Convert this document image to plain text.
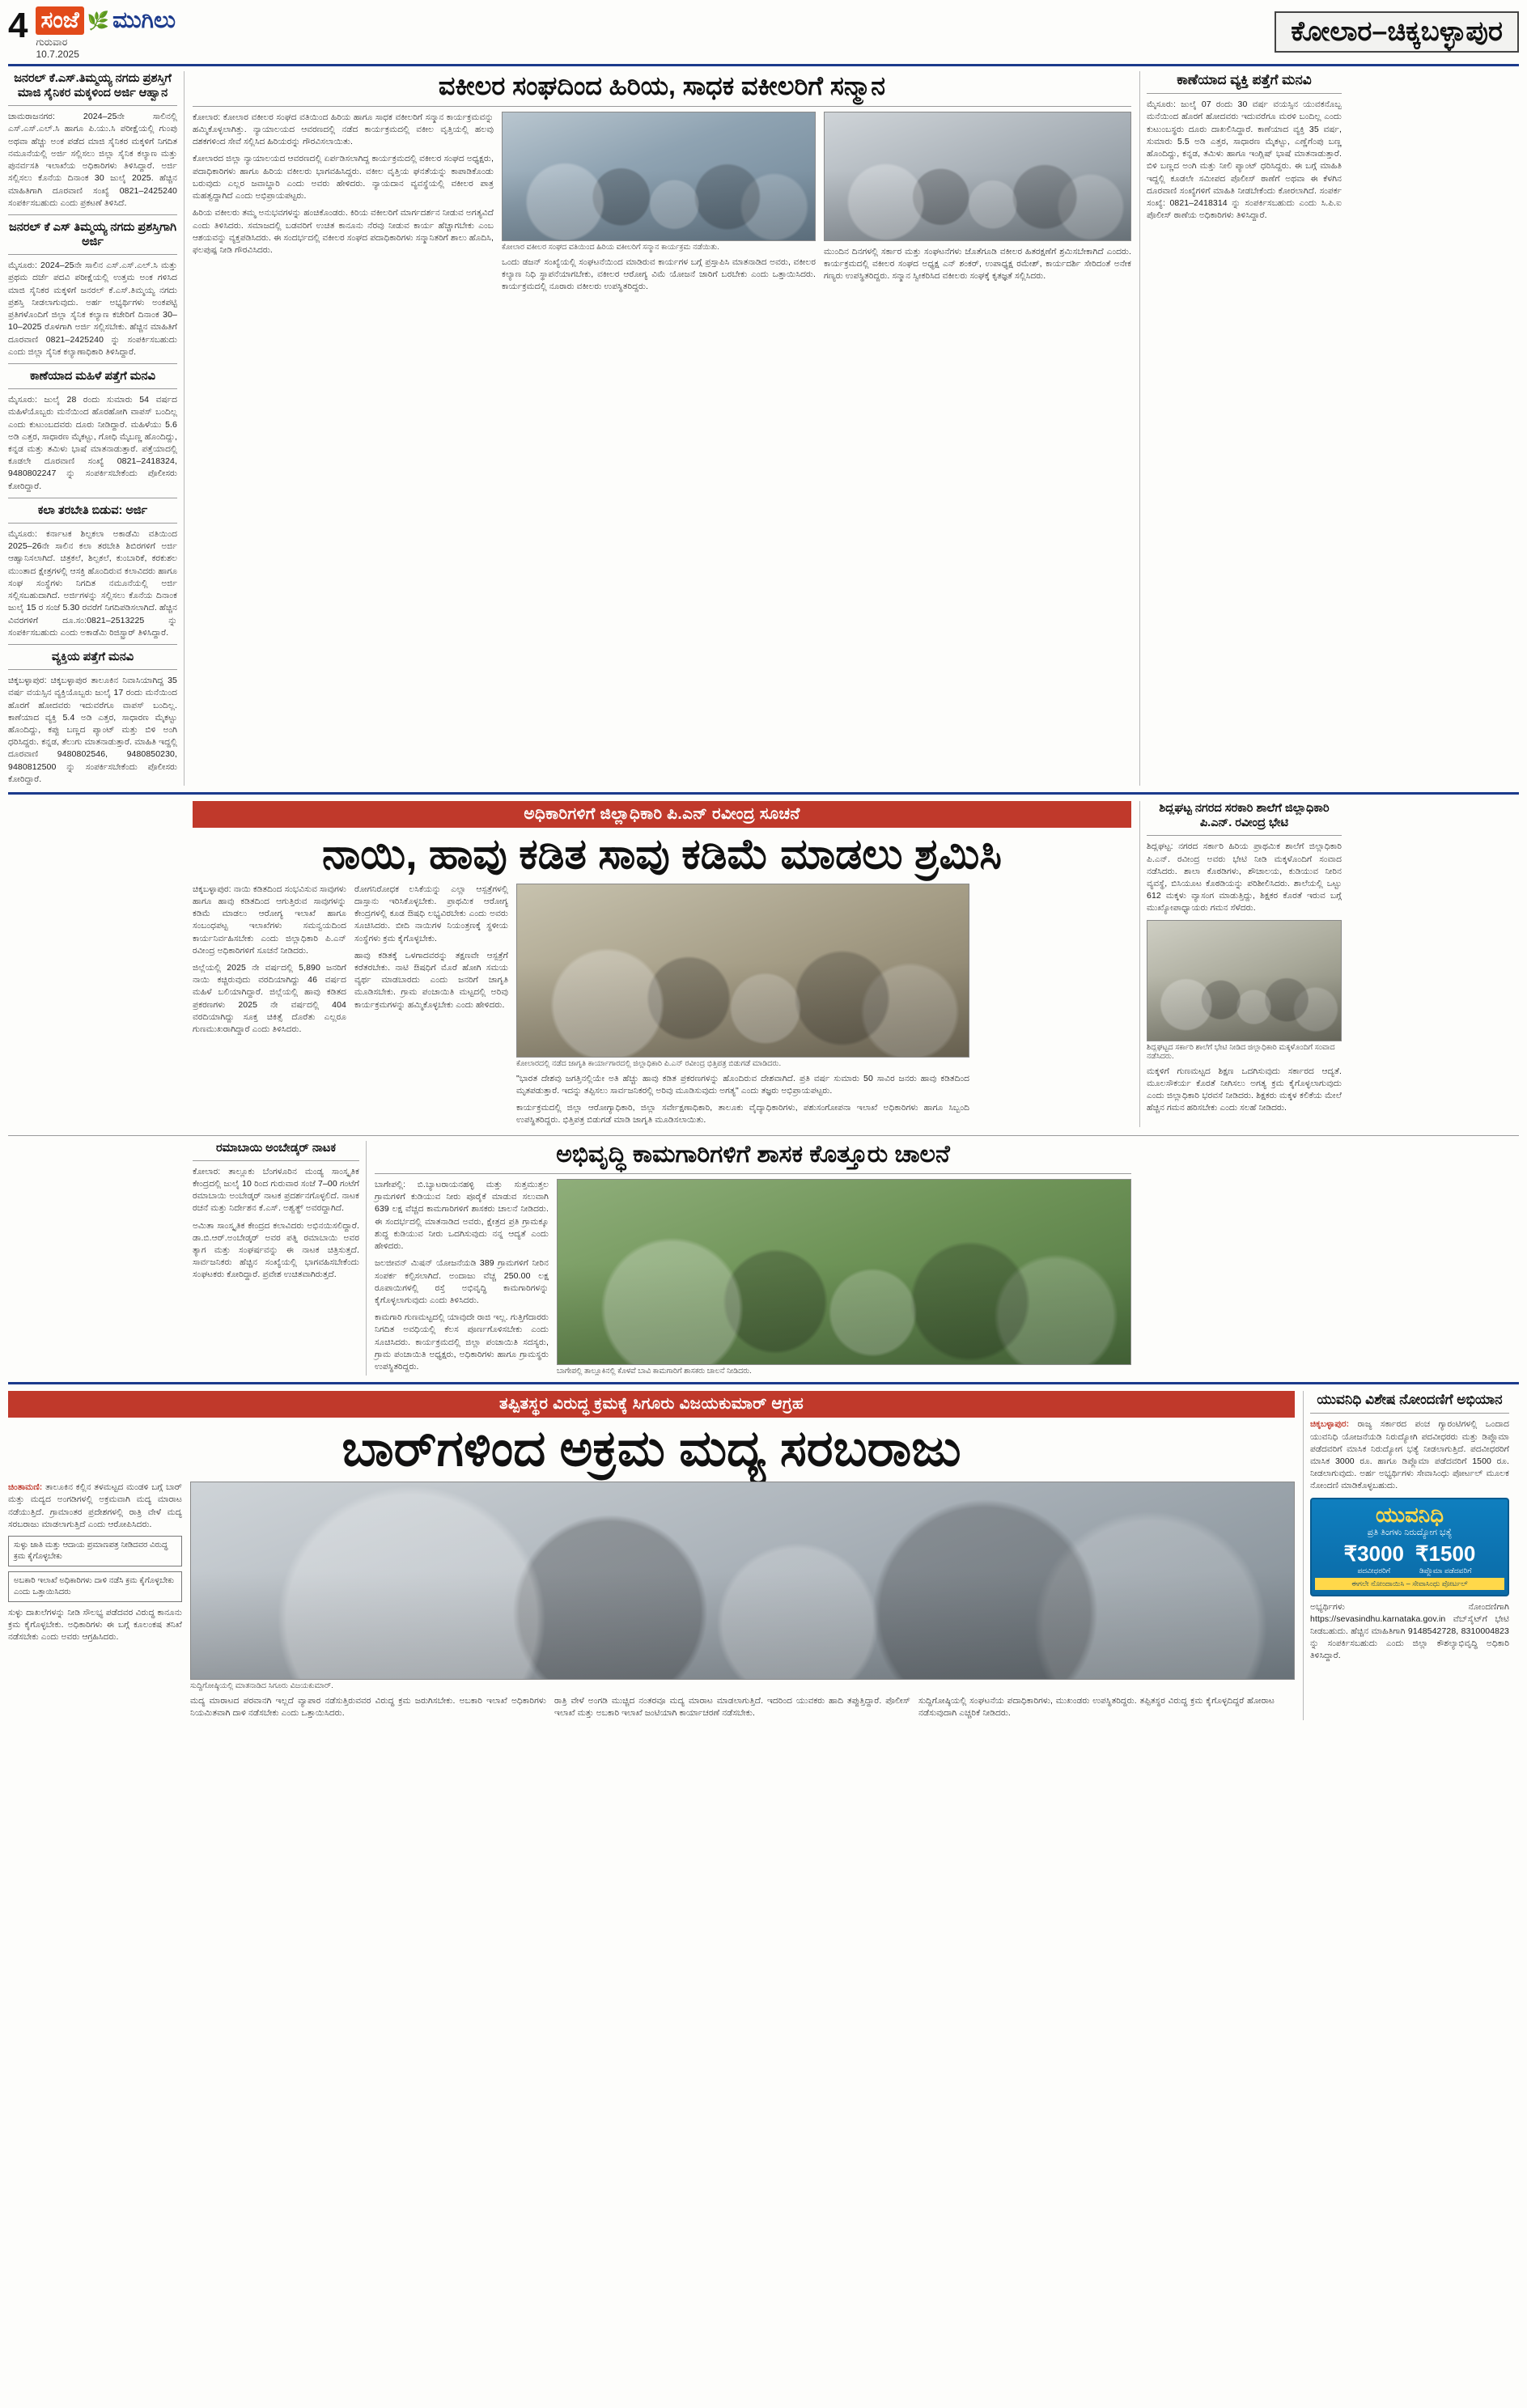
4 ಸಂಜೆ 🌿 ಮುಗಿಲು
ಗುರುವಾರ
10.7.2025
ಕೋಲಾರ–ಚಿಕ್ಕಬಳ್ಳಾಪುರ
ಜನರಲ್ ಕೆ.ಎಸ್.ತಿಮ್ಮಯ್ಯ ನಗದು ಪ್ರಶಸ್ತಿಗೆ ಮಾಜಿ ಸೈನಿಕರ ಮಕ್ಕಳಿಂದ ಅರ್ಜಿ ಆಹ್ವಾನ
ಚಾಮರಾಜನಗರ: 2024–25ನೇ ಸಾಲಿನಲ್ಲಿ ಎಸ್.ಎಸ್.ಎಲ್.ಸಿ ಹಾಗೂ ಪಿ.ಯು.ಸಿ ಪರೀಕ್ಷೆಯಲ್ಲಿ ಗುಂಪು ಅಥವಾ ಹೆಚ್ಚು ಅಂಕ ಪಡೆದ ಮಾಜಿ ಸೈನಿಕರ ಮಕ್ಕಳಿಗೆ ನಿಗದಿತ ನಮೂನೆಯಲ್ಲಿ ಅರ್ಜಿ ಸಲ್ಲಿಸಲು ಜಿಲ್ಲಾ ಸೈನಿಕ ಕಲ್ಯಾಣ ಮತ್ತು ಪುನರ್ವಸತಿ ಇಲಾಖೆಯ ಅಧಿಕಾರಿಗಳು ತಿಳಿಸಿದ್ದಾರೆ. ಅರ್ಜಿ ಸಲ್ಲಿಸಲು ಕೊನೆಯ ದಿನಾಂಕ 30 ಜುಲೈ 2025. ಹೆಚ್ಚಿನ ಮಾಹಿತಿಗಾಗಿ ದೂರವಾಣಿ ಸಂಖ್ಯೆ 0821–2425240 ಸಂಪರ್ಕಿಸಬಹುದು ಎಂದು ಪ್ರಕಟಣೆ ತಿಳಿಸಿದೆ.
ಜನರಲ್ ಕೆ ಎಸ್ ತಿಮ್ಮಯ್ಯ ನಗದು ಪ್ರಶಸ್ತಿಗಾಗಿ ಅರ್ಜಿ
ಮೈಸೂರು: 2024–25ನೇ ಸಾಲಿನ ಎಸ್.ಎಸ್.ಎಲ್.ಸಿ ಮತ್ತು ಪ್ರಥಮ ದರ್ಜೆ ಪದವಿ ಪರೀಕ್ಷೆಯಲ್ಲಿ ಉತ್ತಮ ಅಂಕ ಗಳಿಸಿದ ಮಾಜಿ ಸೈನಿಕರ ಮಕ್ಕಳಿಗೆ ಜನರಲ್ ಕೆ.ಎಸ್.ತಿಮ್ಮಯ್ಯ ನಗದು ಪ್ರಶಸ್ತಿ ನೀಡಲಾಗುವುದು. ಅರ್ಹ ಅಭ್ಯರ್ಥಿಗಳು ಅಂಕಪಟ್ಟಿ ಪ್ರತಿಗಳೊಂದಿಗೆ ಜಿಲ್ಲಾ ಸೈನಿಕ ಕಲ್ಯಾಣ ಕಚೇರಿಗೆ ದಿನಾಂಕ 30–10–2025 ರೊಳಗಾಗಿ ಅರ್ಜಿ ಸಲ್ಲಿಸಬೇಕು. ಹೆಚ್ಚಿನ ಮಾಹಿತಿಗೆ ದೂರವಾಣಿ 0821–2425240 ನ್ನು ಸಂಪರ್ಕಿಸಬಹುದು ಎಂದು ಜಿಲ್ಲಾ ಸೈನಿಕ ಕಲ್ಯಾಣಾಧಿಕಾರಿ ತಿಳಿಸಿದ್ದಾರೆ.
ಕಾಣೆಯಾದ ಮಹಿಳೆ ಪತ್ತೆಗೆ ಮನವಿ
ಮೈಸೂರು: ಜುಲೈ 28 ರಂದು ಸುಮಾರು 54 ವರ್ಷದ ಮಹಿಳೆಯೊಬ್ಬರು ಮನೆಯಿಂದ ಹೊರಹೋಗಿ ವಾಪಸ್ ಬಂದಿಲ್ಲ ಎಂದು ಕುಟುಂಬದವರು ದೂರು ನೀಡಿದ್ದಾರೆ. ಮಹಿಳೆಯು 5.6 ಅಡಿ ಎತ್ತರ, ಸಾಧಾರಣ ಮೈಕಟ್ಟು, ಗೋಧಿ ಮೈಬಣ್ಣ ಹೊಂದಿದ್ದು, ಕನ್ನಡ ಮತ್ತು ತಮಿಳು ಭಾಷೆ ಮಾತನಾಡುತ್ತಾರೆ. ಪತ್ತೆಯಾದಲ್ಲಿ ಕೂಡಲೇ ದೂರವಾಣಿ ಸಂಖ್ಯೆ 0821–2418324, 9480802247 ನ್ನು ಸಂಪರ್ಕಿಸಬೇಕೆಂದು ಪೊಲೀಸರು ಕೋರಿದ್ದಾರೆ.
ಕಲಾ ತರಬೇತಿ ಬಿಡುವ: ಅರ್ಜಿ
ಮೈಸೂರು: ಕರ್ನಾಟಕ ಶಿಲ್ಪಕಲಾ ಅಕಾಡೆಮಿ ವತಿಯಿಂದ 2025–26ನೇ ಸಾಲಿನ ಕಲಾ ತರಬೇತಿ ಶಿಬಿರಗಳಿಗೆ ಅರ್ಜಿ ಆಹ್ವಾನಿಸಲಾಗಿದೆ. ಚಿತ್ರಕಲೆ, ಶಿಲ್ಪಕಲೆ, ಕುಂಬಾರಿಕೆ, ಕರಕುಶಲ ಮುಂತಾದ ಕ್ಷೇತ್ರಗಳಲ್ಲಿ ಆಸಕ್ತಿ ಹೊಂದಿರುವ ಕಲಾವಿದರು ಹಾಗೂ ಸಂಘ ಸಂಸ್ಥೆಗಳು ನಿಗದಿತ ನಮೂನೆಯಲ್ಲಿ ಅರ್ಜಿ ಸಲ್ಲಿಸಬಹುದಾಗಿದೆ. ಅರ್ಜಿಗಳನ್ನು ಸಲ್ಲಿಸಲು ಕೊನೆಯ ದಿನಾಂಕ ಜುಲೈ 15 ರ ಸಂಜೆ 5.30 ರವರೆಗೆ ನಿಗದಿಪಡಿಸಲಾಗಿದೆ. ಹೆಚ್ಚಿನ ವಿವರಗಳಿಗೆ ದೂ.ಸಂ:0821–2513225 ನ್ನು ಸಂಪರ್ಕಿಸಬಹುದು ಎಂದು ಅಕಾಡೆಮಿ ರಿಜಿಸ್ಟ್ರಾರ್ ತಿಳಿಸಿದ್ದಾರೆ.
ವ್ಯಕ್ತಿಯ ಪತ್ತೆಗೆ ಮನವಿ
ಚಿಕ್ಕಬಳ್ಳಾಪುರ: ಚಿಕ್ಕಬಳ್ಳಾಪುರ ತಾಲೂಕಿನ ನಿವಾಸಿಯಾಗಿದ್ದ 35 ವರ್ಷ ವಯಸ್ಸಿನ ವ್ಯಕ್ತಿಯೊಬ್ಬರು ಜುಲೈ 17 ರಂದು ಮನೆಯಿಂದ ಹೊರಗೆ ಹೋದವರು ಇದುವರೆಗೂ ವಾಪಸ್ ಬಂದಿಲ್ಲ. ಕಾಣೆಯಾದ ವ್ಯಕ್ತಿ 5.4 ಅಡಿ ಎತ್ತರ, ಸಾಧಾರಣ ಮೈಕಟ್ಟು ಹೊಂದಿದ್ದು, ಕಪ್ಪು ಬಣ್ಣದ ಪ್ಯಾಂಟ್ ಮತ್ತು ಬಿಳಿ ಅಂಗಿ ಧರಿಸಿದ್ದರು. ಕನ್ನಡ, ತೆಲುಗು ಮಾತನಾಡುತ್ತಾರೆ. ಮಾಹಿತಿ ಇದ್ದಲ್ಲಿ ದೂರವಾಣಿ 9480802546, 9480850230, 9480812500 ನ್ನು ಸಂಪರ್ಕಿಸಬೇಕೆಂದು ಪೊಲೀಸರು ಕೋರಿದ್ದಾರೆ.
ವಕೀಲರ ಸಂಘದಿಂದ ಹಿರಿಯ, ಸಾಧಕ ವಕೀಲರಿಗೆ ಸನ್ಮಾನ
ಕೋಲಾರ: ಕೋಲಾರ ವಕೀಲರ ಸಂಘದ ವತಿಯಿಂದ ಹಿರಿಯ ಹಾಗೂ ಸಾಧಕ ವಕೀಲರಿಗೆ ಸನ್ಮಾನ ಕಾರ್ಯಕ್ರಮವನ್ನು ಹಮ್ಮಿಕೊಳ್ಳಲಾಗಿತ್ತು. ನ್ಯಾಯಾಲಯದ ಆವರಣದಲ್ಲಿ ನಡೆದ ಕಾರ್ಯಕ್ರಮದಲ್ಲಿ ವಕೀಲ ವೃತ್ತಿಯಲ್ಲಿ ಹಲವು ದಶಕಗಳಿಂದ ಸೇವೆ ಸಲ್ಲಿಸಿದ ಹಿರಿಯರನ್ನು ಗೌರವಿಸಲಾಯಿತು.
ಕೋಲಾರದ ಜಿಲ್ಲಾ ನ್ಯಾಯಾಲಯದ ಆವರಣದಲ್ಲಿ ಏರ್ಪಡಿಸಲಾಗಿದ್ದ ಕಾರ್ಯಕ್ರಮದಲ್ಲಿ ವಕೀಲರ ಸಂಘದ ಅಧ್ಯಕ್ಷರು, ಪದಾಧಿಕಾರಿಗಳು ಹಾಗೂ ಹಿರಿಯ ವಕೀಲರು ಭಾಗವಹಿಸಿದ್ದರು. ವಕೀಲ ವೃತ್ತಿಯ ಘನತೆಯನ್ನು ಕಾಪಾಡಿಕೊಂಡು ಬರುವುದು ಎಲ್ಲರ ಜವಾಬ್ದಾರಿ ಎಂದು ಅವರು ಹೇಳಿದರು. ನ್ಯಾಯದಾನ ವ್ಯವಸ್ಥೆಯಲ್ಲಿ ವಕೀಲರ ಪಾತ್ರ ಮಹತ್ವದ್ದಾಗಿದೆ ಎಂದು ಅಭಿಪ್ರಾಯಪಟ್ಟರು.
ಹಿರಿಯ ವಕೀಲರು ತಮ್ಮ ಅನುಭವಗಳನ್ನು ಹಂಚಿಕೊಂಡರು. ಕಿರಿಯ ವಕೀಲರಿಗೆ ಮಾರ್ಗದರ್ಶನ ನೀಡುವ ಅಗತ್ಯವಿದೆ ಎಂದು ತಿಳಿಸಿದರು. ಸಮಾಜದಲ್ಲಿ ಬಡವರಿಗೆ ಉಚಿತ ಕಾನೂನು ನೆರವು ನೀಡುವ ಕಾರ್ಯ ಹೆಚ್ಚಾಗಬೇಕು ಎಂಬ ಆಶಯವನ್ನು ವ್ಯಕ್ತಪಡಿಸಿದರು. ಈ ಸಂದರ್ಭದಲ್ಲಿ ವಕೀಲರ ಸಂಘದ ಪದಾಧಿಕಾರಿಗಳು ಸನ್ಮಾನಿತರಿಗೆ ಶಾಲು ಹೊದಿಸಿ, ಫಲಪುಷ್ಪ ನೀಡಿ ಗೌರವಿಸಿದರು.	ಕೋಲಾರ ವಕೀಲರ ಸಂಘದ ವತಿಯಿಂದ ಹಿರಿಯ ವಕೀಲರಿಗೆ ಸನ್ಮಾನ ಕಾರ್ಯಕ್ರಮ ನಡೆಯಿತು.
ಒಂದು ಡಜನ್ ಸಂಖ್ಯೆಯಲ್ಲಿ ಸಂಘಟನೆಯಿಂದ ಮಾಡಿರುವ ಕಾರ್ಯಗಳ ಬಗ್ಗೆ ಪ್ರಸ್ತಾಪಿಸಿ ಮಾತನಾಡಿದ ಅವರು, ವಕೀಲರ ಕಲ್ಯಾಣ ನಿಧಿ ಸ್ಥಾಪನೆಯಾಗಬೇಕು, ವಕೀಲರ ಆರೋಗ್ಯ ವಿಮೆ ಯೋಜನೆ ಜಾರಿಗೆ ಬರಬೇಕು ಎಂದು ಒತ್ತಾಯಿಸಿದರು. ಕಾರ್ಯಕ್ರಮದಲ್ಲಿ ನೂರಾರು ವಕೀಲರು ಉಪಸ್ಥಿತರಿದ್ದರು.
ಮುಂದಿನ ದಿನಗಳಲ್ಲಿ ಸರ್ಕಾರ ಮತ್ತು ಸಂಘಟನೆಗಳು ಜೊತೆಗೂಡಿ ವಕೀಲರ ಹಿತರಕ್ಷಣೆಗೆ ಶ್ರಮಿಸಬೇಕಾಗಿದೆ ಎಂದರು. ಕಾರ್ಯಕ್ರಮದಲ್ಲಿ ವಕೀಲರ ಸಂಘದ ಅಧ್ಯಕ್ಷ ಎನ್ ಶಂಕರ್, ಉಪಾಧ್ಯಕ್ಷ ರಮೇಶ್, ಕಾರ್ಯದರ್ಶಿ ಸೇರಿದಂತೆ ಅನೇಕ ಗಣ್ಯರು ಉಪಸ್ಥಿತರಿದ್ದರು. ಸನ್ಮಾನ ಸ್ವೀಕರಿಸಿದ ವಕೀಲರು ಸಂಘಕ್ಕೆ ಕೃತಜ್ಞತೆ ಸಲ್ಲಿಸಿದರು.
ಕಾಣೆಯಾದ ವ್ಯಕ್ತಿ ಪತ್ತೆಗೆ ಮನವಿ
ಮೈಸೂರು: ಜುಲೈ 07 ರಂದು 30 ವರ್ಷ ವಯಸ್ಸಿನ ಯುವಕನೊಬ್ಬ ಮನೆಯಿಂದ ಹೊರಗೆ ಹೋದವರು ಇದುವರೆಗೂ ಮರಳಿ ಬಂದಿಲ್ಲ ಎಂದು ಕುಟುಂಬಸ್ಥರು ದೂರು ದಾಖಲಿಸಿದ್ದಾರೆ. ಕಾಣೆಯಾದ ವ್ಯಕ್ತಿ 35 ವರ್ಷ, ಸುಮಾರು 5.5 ಅಡಿ ಎತ್ತರ, ಸಾಧಾರಣ ಮೈಕಟ್ಟು, ಎಣ್ಣೆಗೆಂಪು ಬಣ್ಣ ಹೊಂದಿದ್ದು, ಕನ್ನಡ, ತಮಿಳು ಹಾಗೂ ಇಂಗ್ಲಿಷ್ ಭಾಷೆ ಮಾತನಾಡುತ್ತಾರೆ. ಬಿಳಿ ಬಣ್ಣದ ಅಂಗಿ ಮತ್ತು ನೀಲಿ ಪ್ಯಾಂಟ್ ಧರಿಸಿದ್ದರು. ಈ ಬಗ್ಗೆ ಮಾಹಿತಿ ಇದ್ದಲ್ಲಿ ಕೂಡಲೇ ಸಮೀಪದ ಪೊಲೀಸ್ ಠಾಣೆಗೆ ಅಥವಾ ಈ ಕೆಳಗಿನ ದೂರವಾಣಿ ಸಂಖ್ಯೆಗಳಿಗೆ ಮಾಹಿತಿ ನೀಡಬೇಕೆಂದು ಕೋರಲಾಗಿದೆ. ಸಂಪರ್ಕ ಸಂಖ್ಯೆ: 0821–2418314 ನ್ನು ಸಂಪರ್ಕಿಸಬಹುದು ಎಂದು ಸಿ.ಪಿ.ಐ ಪೊಲೀಸ್ ಠಾಣೆಯ ಅಧಿಕಾರಿಗಳು ತಿಳಿಸಿದ್ದಾರೆ.
ಅಧಿಕಾರಿಗಳಿಗೆ ಜಿಲ್ಲಾಧಿಕಾರಿ ಪಿ.ಎನ್ ರವೀಂದ್ರ ಸೂಚನೆ
ನಾಯಿ, ಹಾವು ಕಡಿತ ಸಾವು ಕಡಿಮೆ ಮಾಡಲು ಶ್ರಮಿಸಿ
ಚಿಕ್ಕಬಳ್ಳಾಪುರ: ನಾಯಿ ಕಡಿತದಿಂದ ಸಂಭವಿಸುವ ಸಾವುಗಳು ಹಾಗೂ ಹಾವು ಕಡಿತದಿಂದ ಆಗುತ್ತಿರುವ ಸಾವುಗಳನ್ನು ಕಡಿಮೆ ಮಾಡಲು ಆರೋಗ್ಯ ಇಲಾಖೆ ಹಾಗೂ ಸಂಬಂಧಪಟ್ಟ ಇಲಾಖೆಗಳು ಸಮನ್ವಯದಿಂದ ಕಾರ್ಯನಿರ್ವಹಿಸಬೇಕು ಎಂದು ಜಿಲ್ಲಾಧಿಕಾರಿ ಪಿ.ಎನ್ ರವೀಂದ್ರ ಅಧಿಕಾರಿಗಳಿಗೆ ಸೂಚನೆ ನೀಡಿದರು.
ಜಿಲ್ಲೆಯಲ್ಲಿ 2025 ನೇ ವರ್ಷದಲ್ಲಿ 5,890 ಜನರಿಗೆ ನಾಯಿ ಕಚ್ಚಿರುವುದು ವರದಿಯಾಗಿದ್ದು 46 ವರ್ಷದ ಮಹಿಳೆ ಬಲಿಯಾಗಿದ್ದಾರೆ. ಜಿಲ್ಲೆಯಲ್ಲಿ ಹಾವು ಕಡಿತದ ಪ್ರಕರಣಗಳು 2025 ನೇ ವರ್ಷದಲ್ಲಿ 404 ವರದಿಯಾಗಿದ್ದು ಸೂಕ್ತ ಚಿಕಿತ್ಸೆ ದೊರೆತು ಎಲ್ಲರೂ ಗುಣಮುಖರಾಗಿದ್ದಾರೆ ಎಂದು ತಿಳಿಸಿದರು.
ರೋಗನಿರೋಧಕ ಲಸಿಕೆಯನ್ನು ಎಲ್ಲಾ ಆಸ್ಪತ್ರೆಗಳಲ್ಲಿ ದಾಸ್ತಾನು ಇರಿಸಿಕೊಳ್ಳಬೇಕು. ಪ್ರಾಥಮಿಕ ಆರೋಗ್ಯ ಕೇಂದ್ರಗಳಲ್ಲಿ ಕೂಡ ಔಷಧಿ ಲಭ್ಯವಿರಬೇಕು ಎಂದು ಅವರು ಸೂಚಿಸಿದರು. ಬೀದಿ ನಾಯಿಗಳ ನಿಯಂತ್ರಣಕ್ಕೆ ಸ್ಥಳೀಯ ಸಂಸ್ಥೆಗಳು ಕ್ರಮ ಕೈಗೊಳ್ಳಬೇಕು.
ಹಾವು ಕಡಿತಕ್ಕೆ ಒಳಗಾದವರನ್ನು ತಕ್ಷಣವೇ ಆಸ್ಪತ್ರೆಗೆ ಕರೆತರಬೇಕು. ನಾಟಿ ಔಷಧಿಗೆ ಮೊರೆ ಹೋಗಿ ಸಮಯ ವ್ಯರ್ಥ ಮಾಡಬಾರದು ಎಂದು ಜನರಿಗೆ ಜಾಗೃತಿ ಮೂಡಿಸಬೇಕು. ಗ್ರಾಮ ಪಂಚಾಯಿತಿ ಮಟ್ಟದಲ್ಲಿ ಅರಿವು ಕಾರ್ಯಕ್ರಮಗಳನ್ನು ಹಮ್ಮಿಕೊಳ್ಳಬೇಕು ಎಂದು ಹೇಳಿದರು.
ಕೋಲಾರದಲ್ಲಿ ನಡೆದ ಜಾಗೃತಿ ಕಾರ್ಯಾಗಾರದಲ್ಲಿ ಜಿಲ್ಲಾಧಿಕಾರಿ ಪಿ.ಎನ್ ರವೀಂದ್ರ ಭಿತ್ತಿಪತ್ರ ಬಿಡುಗಡೆ ಮಾಡಿದರು.
"ಭಾರತ ದೇಶವು ಜಗತ್ತಿನಲ್ಲಿಯೇ ಅತಿ ಹೆಚ್ಚು ಹಾವು ಕಡಿತ ಪ್ರಕರಣಗಳನ್ನು ಹೊಂದಿರುವ ದೇಶವಾಗಿದೆ. ಪ್ರತಿ ವರ್ಷ ಸುಮಾರು 50 ಸಾವಿರ ಜನರು ಹಾವು ಕಡಿತದಿಂದ ಮೃತಪಡುತ್ತಾರೆ. ಇದನ್ನು ತಪ್ಪಿಸಲು ಸಾರ್ವಜನಿಕರಲ್ಲಿ ಅರಿವು ಮೂಡಿಸುವುದು ಅಗತ್ಯ" ಎಂದು ತಜ್ಞರು ಅಭಿಪ್ರಾಯಪಟ್ಟರು.
ಕಾರ್ಯಕ್ರಮದಲ್ಲಿ ಜಿಲ್ಲಾ ಆರೋಗ್ಯಾಧಿಕಾರಿ, ಜಿಲ್ಲಾ ಸರ್ವೇಕ್ಷಣಾಧಿಕಾರಿ, ತಾಲೂಕು ವೈದ್ಯಾಧಿಕಾರಿಗಳು, ಪಶುಸಂಗೋಪನಾ ಇಲಾಖೆ ಅಧಿಕಾರಿಗಳು ಹಾಗೂ ಸಿಬ್ಬಂದಿ ಉಪಸ್ಥಿತರಿದ್ದರು. ಭಿತ್ತಿಪತ್ರ ಬಿಡುಗಡೆ ಮಾಡಿ ಜಾಗೃತಿ ಮೂಡಿಸಲಾಯಿತು.
ಶಿದ್ಲಘಟ್ಟ ನಗರದ ಸರಕಾರಿ ಶಾಲೆಗೆ ಜಿಲ್ಲಾಧಿಕಾರಿ ಪಿ.ಎನ್. ರವೀಂದ್ರ ಭೇಟಿ
ಶಿದ್ಲಘಟ್ಟ: ನಗರದ ಸರ್ಕಾರಿ ಹಿರಿಯ ಪ್ರಾಥಮಿಕ ಶಾಲೆಗೆ ಜಿಲ್ಲಾಧಿಕಾರಿ ಪಿ.ಎನ್. ರವೀಂದ್ರ ಅವರು ಭೇಟಿ ನೀಡಿ ಮಕ್ಕಳೊಂದಿಗೆ ಸಂವಾದ ನಡೆಸಿದರು. ಶಾಲಾ ಕೊಠಡಿಗಳು, ಶೌಚಾಲಯ, ಕುಡಿಯುವ ನೀರಿನ ವ್ಯವಸ್ಥೆ, ಬಿಸಿಯೂಟ ಕೊಠಡಿಯನ್ನು ಪರಿಶೀಲಿಸಿದರು. ಶಾಲೆಯಲ್ಲಿ ಒಟ್ಟು 612 ಮಕ್ಕಳು ವ್ಯಾಸಂಗ ಮಾಡುತ್ತಿದ್ದು, ಶಿಕ್ಷಕರ ಕೊರತೆ ಇರುವ ಬಗ್ಗೆ ಮುಖ್ಯೋಪಾಧ್ಯಾಯರು ಗಮನ ಸೆಳೆದರು.
ಶಿದ್ಲಘಟ್ಟದ ಸರ್ಕಾರಿ ಶಾಲೆಗೆ ಭೇಟಿ ನೀಡಿದ ಜಿಲ್ಲಾಧಿಕಾರಿ ಮಕ್ಕಳೊಂದಿಗೆ ಸಂವಾದ ನಡೆಸಿದರು.
ಮಕ್ಕಳಿಗೆ ಗುಣಮಟ್ಟದ ಶಿಕ್ಷಣ ಒದಗಿಸುವುದು ಸರ್ಕಾರದ ಆದ್ಯತೆ. ಮೂಲಸೌಕರ್ಯ ಕೊರತೆ ನೀಗಿಸಲು ಅಗತ್ಯ ಕ್ರಮ ಕೈಗೊಳ್ಳಲಾಗುವುದು ಎಂದು ಜಿಲ್ಲಾಧಿಕಾರಿ ಭರವಸೆ ನೀಡಿದರು. ಶಿಕ್ಷಕರು ಮಕ್ಕಳ ಕಲಿಕೆಯ ಮೇಲೆ ಹೆಚ್ಚಿನ ಗಮನ ಹರಿಸಬೇಕು ಎಂದು ಸಲಹೆ ನೀಡಿದರು.
ರಮಾಬಾಯಿ ಅಂಬೇಡ್ಕರ್ ನಾಟಕ
ಕೋಲಾರ: ತಾಲ್ಲೂಕು ಬೆಂಗಳೂರಿನ ಮಂಡ್ಯ ಸಾಂಸ್ಕೃತಿಕ ಕೇಂದ್ರದಲ್ಲಿ ಜುಲೈ 10 ರಿಂದ ಗುರುವಾರ ಸಂಜೆ 7–00 ಗಂಟೆಗೆ ರಮಾಬಾಯಿ ಅಂಬೇಡ್ಕರ್ ನಾಟಕ ಪ್ರದರ್ಶನಗೊಳ್ಳಲಿದೆ. ನಾಟಕ ರಚನೆ ಮತ್ತು ನಿರ್ದೇಶನ ಕೆ.ಎಸ್. ಅಶ್ವತ್ಥ್ ಅವರದ್ದಾಗಿದೆ.
ಅಮಿತಾ ಸಾಂಸ್ಕೃತಿಕ ಕೇಂದ್ರದ ಕಲಾವಿದರು ಅಭಿನಯಿಸಲಿದ್ದಾರೆ. ಡಾ.ಬಿ.ಆರ್.ಅಂಬೇಡ್ಕರ್ ಅವರ ಪತ್ನಿ ರಮಾಬಾಯಿ ಅವರ ತ್ಯಾಗ ಮತ್ತು ಸಂಘರ್ಷವನ್ನು ಈ ನಾಟಕ ಚಿತ್ರಿಸುತ್ತದೆ. ಸಾರ್ವಜನಿಕರು ಹೆಚ್ಚಿನ ಸಂಖ್ಯೆಯಲ್ಲಿ ಭಾಗವಹಿಸಬೇಕೆಂದು ಸಂಘಟಕರು ಕೋರಿದ್ದಾರೆ. ಪ್ರವೇಶ ಉಚಿತವಾಗಿರುತ್ತದೆ.
ಅಭಿವೃದ್ಧಿ ಕಾಮಗಾರಿಗಳಿಗೆ ಶಾಸಕ ಕೊತ್ತೂರು ಚಾಲನೆ
ಬಾಗೇಪಲ್ಲಿ: ಬಿ.ಬ್ಯಾಟರಾಯನಹಳ್ಳಿ ಮತ್ತು ಸುತ್ತಮುತ್ತಲ ಗ್ರಾಮಗಳಿಗೆ ಕುಡಿಯುವ ನೀರು ಪೂರೈಕೆ ಮಾಡುವ ಸಲುವಾಗಿ 639 ಲಕ್ಷ ವೆಚ್ಚದ ಕಾಮಗಾರಿಗಳಿಗೆ ಶಾಸಕರು ಚಾಲನೆ ನೀಡಿದರು. ಈ ಸಂದರ್ಭದಲ್ಲಿ ಮಾತನಾಡಿದ ಅವರು, ಕ್ಷೇತ್ರದ ಪ್ರತಿ ಗ್ರಾಮಕ್ಕೂ ಶುದ್ಧ ಕುಡಿಯುವ ನೀರು ಒದಗಿಸುವುದು ನನ್ನ ಆದ್ಯತೆ ಎಂದು ಹೇಳಿದರು.
ಜಲಜೀವನ್ ಮಿಷನ್ ಯೋಜನೆಯಡಿ 389 ಗ್ರಾಮಗಳಿಗೆ ನೀರಿನ ಸಂಪರ್ಕ ಕಲ್ಪಿಸಲಾಗಿದೆ. ಅಂದಾಜು ವೆಚ್ಚ 250.00 ಲಕ್ಷ ರೂಪಾಯಿಗಳಲ್ಲಿ ರಸ್ತೆ ಅಭಿವೃದ್ಧಿ ಕಾಮಗಾರಿಗಳನ್ನು ಕೈಗೊಳ್ಳಲಾಗುವುದು ಎಂದು ತಿಳಿಸಿದರು.
ಕಾಮಗಾರಿ ಗುಣಮಟ್ಟದಲ್ಲಿ ಯಾವುದೇ ರಾಜಿ ಇಲ್ಲ. ಗುತ್ತಿಗೆದಾರರು ನಿಗದಿತ ಅವಧಿಯಲ್ಲಿ ಕೆಲಸ ಪೂರ್ಣಗೊಳಿಸಬೇಕು ಎಂದು ಸೂಚಿಸಿದರು. ಕಾರ್ಯಕ್ರಮದಲ್ಲಿ ಜಿಲ್ಲಾ ಪಂಚಾಯಿತಿ ಸದಸ್ಯರು, ಗ್ರಾಮ ಪಂಚಾಯಿತಿ ಅಧ್ಯಕ್ಷರು, ಅಧಿಕಾರಿಗಳು ಹಾಗೂ ಗ್ರಾಮಸ್ಥರು ಉಪಸ್ಥಿತರಿದ್ದರು.	ಬಾಗೇಪಲ್ಲಿ ತಾಲ್ಲೂಕಿನಲ್ಲಿ ಕೊಳವೆ ಬಾವಿ ಕಾಮಗಾರಿಗೆ ಶಾಸಕರು ಚಾಲನೆ ನೀಡಿದರು.
ತಪ್ಪಿತಸ್ಥರ ವಿರುದ್ಧ ಕ್ರಮಕ್ಕೆ ಸಿಗೂರು ವಿಜಯಕುಮಾರ್ ಆಗ್ರಹ
ಬಾರ್‌ಗಳಿಂದ ಅಕ್ರಮ ಮದ್ಯ ಸರಬರಾಜು
ಚಿಂತಾಮಣಿ: ತಾಲೂಕಿನ ಕಲ್ಲಿನ ತಳಮಟ್ಟದ ಮಂಡಳಿ ಬಗ್ಗೆ ಬಾರ್ ಮತ್ತು ಮದ್ಯದ ಅಂಗಡಿಗಳಲ್ಲಿ ಅಕ್ರಮವಾಗಿ ಮದ್ಯ ಮಾರಾಟ ನಡೆಯುತ್ತಿದೆ. ಗ್ರಾಮಾಂತರ ಪ್ರದೇಶಗಳಲ್ಲಿ ರಾತ್ರಿ ವೇಳೆ ಮದ್ಯ ಸರಬರಾಜು ಮಾಡಲಾಗುತ್ತಿದೆ ಎಂದು ಆರೋಪಿಸಿದರು.
ಸುಳ್ಳು ಜಾತಿ ಮತ್ತು ಆದಾಯ ಪ್ರಮಾಣಪತ್ರ ನೀಡಿದವರ ವಿರುದ್ಧ ಕ್ರಮ ಕೈಗೊಳ್ಳಬೇಕು
ಅಬಕಾರಿ ಇಲಾಖೆ ಅಧಿಕಾರಿಗಳು ದಾಳಿ ನಡೆಸಿ ಕ್ರಮ ಕೈಗೊಳ್ಳಬೇಕು ಎಂದು ಒತ್ತಾಯಿಸಿದರು
ಸುಳ್ಳು ದಾಖಲೆಗಳನ್ನು ನೀಡಿ ಸೌಲಭ್ಯ ಪಡೆದವರ ವಿರುದ್ಧ ಕಾನೂನು ಕ್ರಮ ಕೈಗೊಳ್ಳಬೇಕು. ಅಧಿಕಾರಿಗಳು ಈ ಬಗ್ಗೆ ಕೂಲಂಕಷ ತನಿಖೆ ನಡೆಸಬೇಕು ಎಂದು ಅವರು ಆಗ್ರಹಿಸಿದರು.
ಸುದ್ದಿಗೋಷ್ಠಿಯಲ್ಲಿ ಮಾತನಾಡಿದ ಸಿಗೂರು ವಿಜಯಕುಮಾರ್.
ಮದ್ಯ ಮಾರಾಟದ ಪರವಾನಗಿ ಇಲ್ಲದೆ ವ್ಯಾಪಾರ ನಡೆಸುತ್ತಿರುವವರ ವಿರುದ್ಧ ಕ್ರಮ ಜರುಗಿಸಬೇಕು. ಅಬಕಾರಿ ಇಲಾಖೆ ಅಧಿಕಾರಿಗಳು ನಿಯಮಿತವಾಗಿ ದಾಳಿ ನಡೆಸಬೇಕು ಎಂದು ಒತ್ತಾಯಿಸಿದರು.
ರಾತ್ರಿ ವೇಳೆ ಅಂಗಡಿ ಮುಚ್ಚಿದ ನಂತರವೂ ಮದ್ಯ ಮಾರಾಟ ಮಾಡಲಾಗುತ್ತಿದೆ. ಇದರಿಂದ ಯುವಕರು ಹಾದಿ ತಪ್ಪುತ್ತಿದ್ದಾರೆ. ಪೊಲೀಸ್ ಇಲಾಖೆ ಮತ್ತು ಅಬಕಾರಿ ಇಲಾಖೆ ಜಂಟಿಯಾಗಿ ಕಾರ್ಯಾಚರಣೆ ನಡೆಸಬೇಕು.
ಸುದ್ದಿಗೋಷ್ಠಿಯಲ್ಲಿ ಸಂಘಟನೆಯ ಪದಾಧಿಕಾರಿಗಳು, ಮುಖಂಡರು ಉಪಸ್ಥಿತರಿದ್ದರು. ತಪ್ಪಿತಸ್ಥರ ವಿರುದ್ಧ ಕ್ರಮ ಕೈಗೊಳ್ಳದಿದ್ದರೆ ಹೋರಾಟ ನಡೆಸುವುದಾಗಿ ಎಚ್ಚರಿಕೆ ನೀಡಿದರು.
ಯುವನಿಧಿ ವಿಶೇಷ ನೋಂದಣಿಗೆ ಅಭಿಯಾನ
ಚಿಕ್ಕಬಳ್ಳಾಪುರ: ರಾಜ್ಯ ಸರ್ಕಾರದ ಪಂಚ ಗ್ಯಾರಂಟಿಗಳಲ್ಲಿ ಒಂದಾದ ಯುವನಿಧಿ ಯೋಜನೆಯಡಿ ನಿರುದ್ಯೋಗಿ ಪದವೀಧರರು ಮತ್ತು ಡಿಪ್ಲೊಮಾ ಪಡೆದವರಿಗೆ ಮಾಸಿಕ ನಿರುದ್ಯೋಗ ಭತ್ಯೆ ನೀಡಲಾಗುತ್ತಿದೆ. ಪದವೀಧರರಿಗೆ ಮಾಸಿಕ 3000 ರೂ. ಹಾಗೂ ಡಿಪ್ಲೊಮಾ ಪಡೆದವರಿಗೆ 1500 ರೂ. ನೀಡಲಾಗುವುದು. ಅರ್ಹ ಅಭ್ಯರ್ಥಿಗಳು ಸೇವಾಸಿಂಧು ಪೋರ್ಟಲ್ ಮೂಲಕ ನೋಂದಣಿ ಮಾಡಿಕೊಳ್ಳಬಹುದು.
ಯುವನಿಧಿ
ಪ್ರತಿ ತಿಂಗಳು ನಿರುದ್ಯೋಗ ಭತ್ಯೆ
₹3000
ಪದವೀಧರರಿಗೆ
₹1500
ಡಿಪ್ಲೊಮಾ ಪಡೆದವರಿಗೆ
ಈಗಲೇ ನೋಂದಾಯಿಸಿ – ಸೇವಾಸಿಂಧು ಪೋರ್ಟಲ್
ಅಭ್ಯರ್ಥಿಗಳು ನೋಂದಣಿಗಾಗಿ https://sevasindhu.karnataka.gov.in ವೆಬ್‌ಸೈಟ್‌ಗೆ ಭೇಟಿ ನೀಡಬಹುದು. ಹೆಚ್ಚಿನ ಮಾಹಿತಿಗಾಗಿ 9148542728, 8310004823 ನ್ನು ಸಂಪರ್ಕಿಸಬಹುದು ಎಂದು ಜಿಲ್ಲಾ ಕೌಶಲ್ಯಾಭಿವೃದ್ಧಿ ಅಧಿಕಾರಿ ತಿಳಿಸಿದ್ದಾರೆ.
